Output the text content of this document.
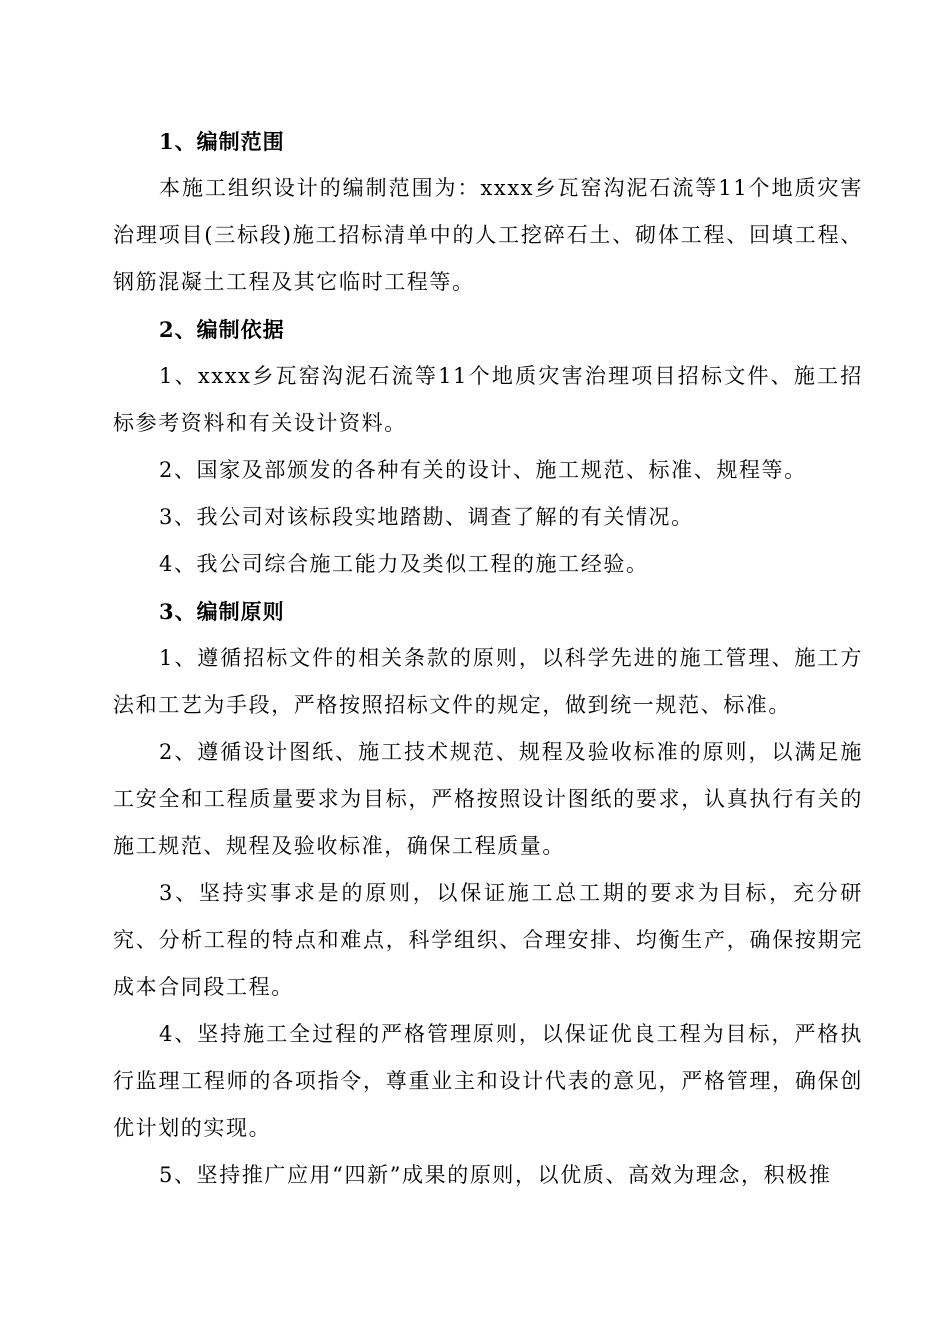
1、编制范围

本施工组织设计的编制范围为：xxxx乡瓦窑沟泥石流等11个地质灾害治理项目(三标段)施工招标清单中的人工挖碎石土、砌体工程、回填工程、钢筋混凝土工程及其它临时工程等。

2、编制依据

1、xxxx乡瓦窑沟泥石流等11个地质灾害治理项目招标文件、施工招标参考资料和有关设计资料。

2、国家及部颁发的各种有关的设计、施工规范、标准、规程等。

3、我公司对该标段实地踏勘、调查了解的有关情况。

4、我公司综合施工能力及类似工程的施工经验。

3、编制原则

1、遵循招标文件的相关条款的原则，以科学先进的施工管理、施工方法和工艺为手段，严格按照招标文件的规定，做到统一规范、标准。

2、遵循设计图纸、施工技术规范、规程及验收标准的原则，以满足施工安全和工程质量要求为目标，严格按照设计图纸的要求，认真执行有关的施工规范、规程及验收标准，确保工程质量。

3、坚持实事求是的原则，以保证施工总工期的要求为目标，充分研究、分析工程的特点和难点，科学组织、合理安排、均衡生产，确保按期完成本合同段工程。

4、坚持施工全过程的严格管理原则，以保证优良工程为目标，严格执行监理工程师的各项指令，尊重业主和设计代表的意见，严格管理，确保创优计划的实现。

5、坚持推广应用“四新”成果的原则，以优质、高效为理念，积极推
